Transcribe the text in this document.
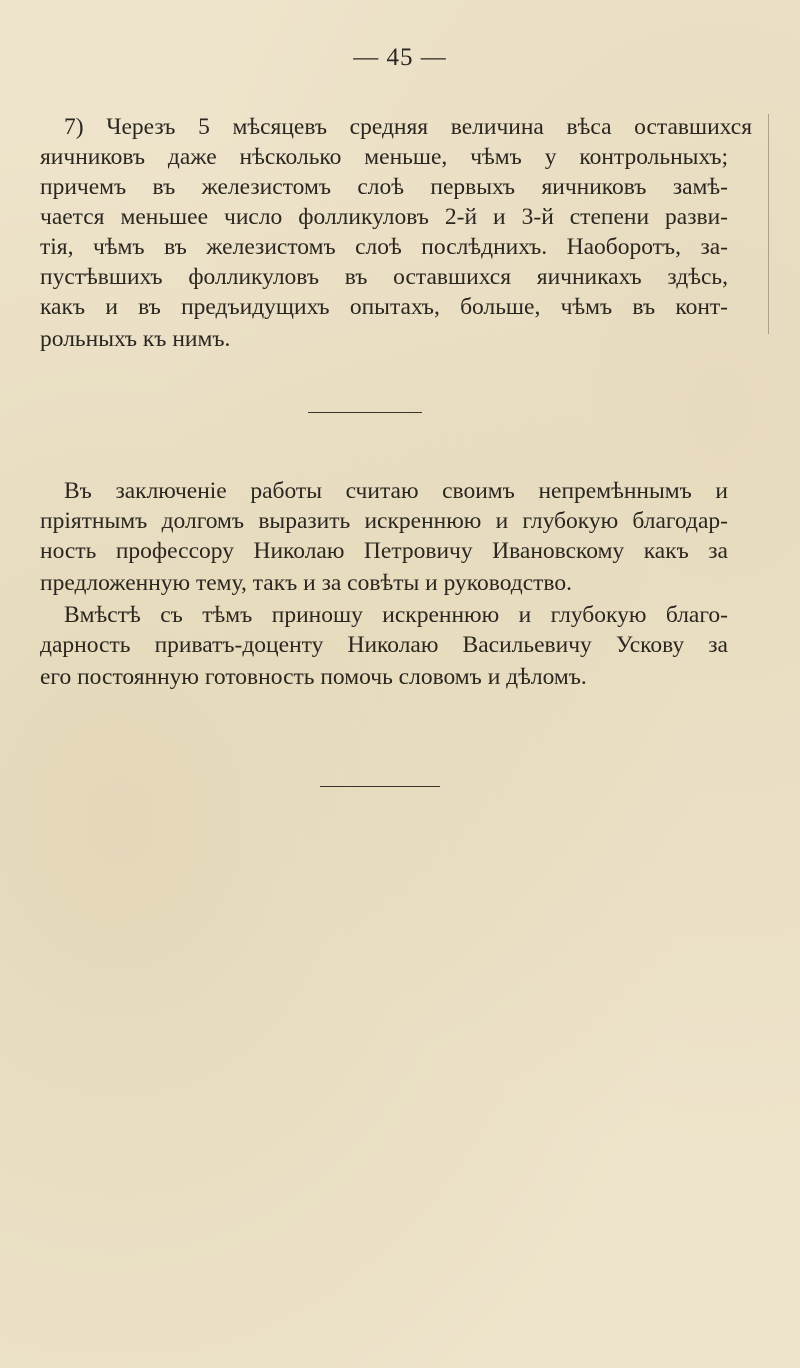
— 45 —
7) Черезъ 5 мѣсяцевъ средняя величина вѣса оставшихся
яичниковъ даже нѣсколько меньше, чѣмъ у контрольныхъ;
причемъ въ железистомъ слоѣ первыхъ яичниковъ замѣ-
чается меньшее число фолликуловъ 2-й и 3-й степени разви-
тія, чѣмъ въ железистомъ слоѣ послѣднихъ. Наоборотъ, за-
пустѣвшихъ фолликуловъ въ оставшихся яичникахъ здѣсь,
какъ и въ предъидущихъ опытахъ, больше, чѣмъ въ конт-
рольныхъ къ нимъ.
Въ заключеніе работы считаю своимъ непремѣннымъ и
пріятнымъ долгомъ выразить искреннюю и глубокую благодар-
ность профессору Николаю Петровичу Ивановскому какъ за
предложенную тему, такъ и за совѣты и руководство.
Вмѣстѣ съ тѣмъ приношу искреннюю и глубокую благо-
дарность приватъ-доценту Николаю Васильевичу Ускову за
его постоянную готовность помочь словомъ и дѣломъ.
